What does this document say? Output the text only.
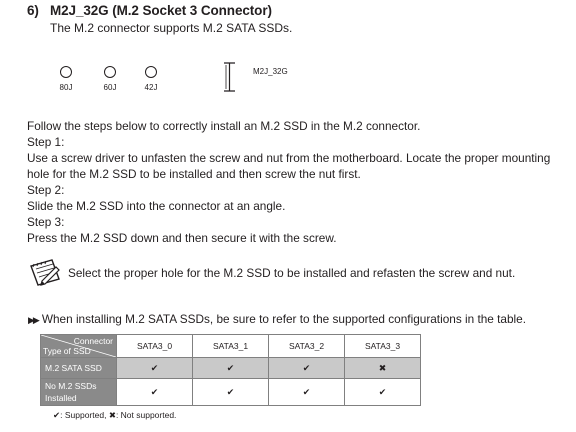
6) M2J_32G (M.2 Socket 3 Connector)
The M.2 connector supports M.2 SATA SSDs.
80J	60J	42J
M2J_32G
Follow the steps below to correctly install an M.2 SSD in the M.2 connector.
Step 1:
Use a screw driver to unfasten the screw and nut from the motherboard. Locate the proper mounting hole for the M.2 SSD to be installed and then screw the nut first.
Step 2:
Slide the M.2 SSD into the connector at an angle.
Step 3:
Press the M.2 SSD down and then secure it with the screw.
Select the proper hole for the M.2 SSD to be installed and refasten the screw and nut.
▶▶ When installing M.2 SATA SSDs, be sure to refer to the supported configurations in the table.
Connector
Type of SSD	SATA3_0	SATA3_1	SATA3_2	SATA3_3
M.2 SATA SSD	✔	✔	✔	✖
No M.2 SSDs
Installed	✔	✔	✔	✔
✔: Supported, ✖: Not supported.
